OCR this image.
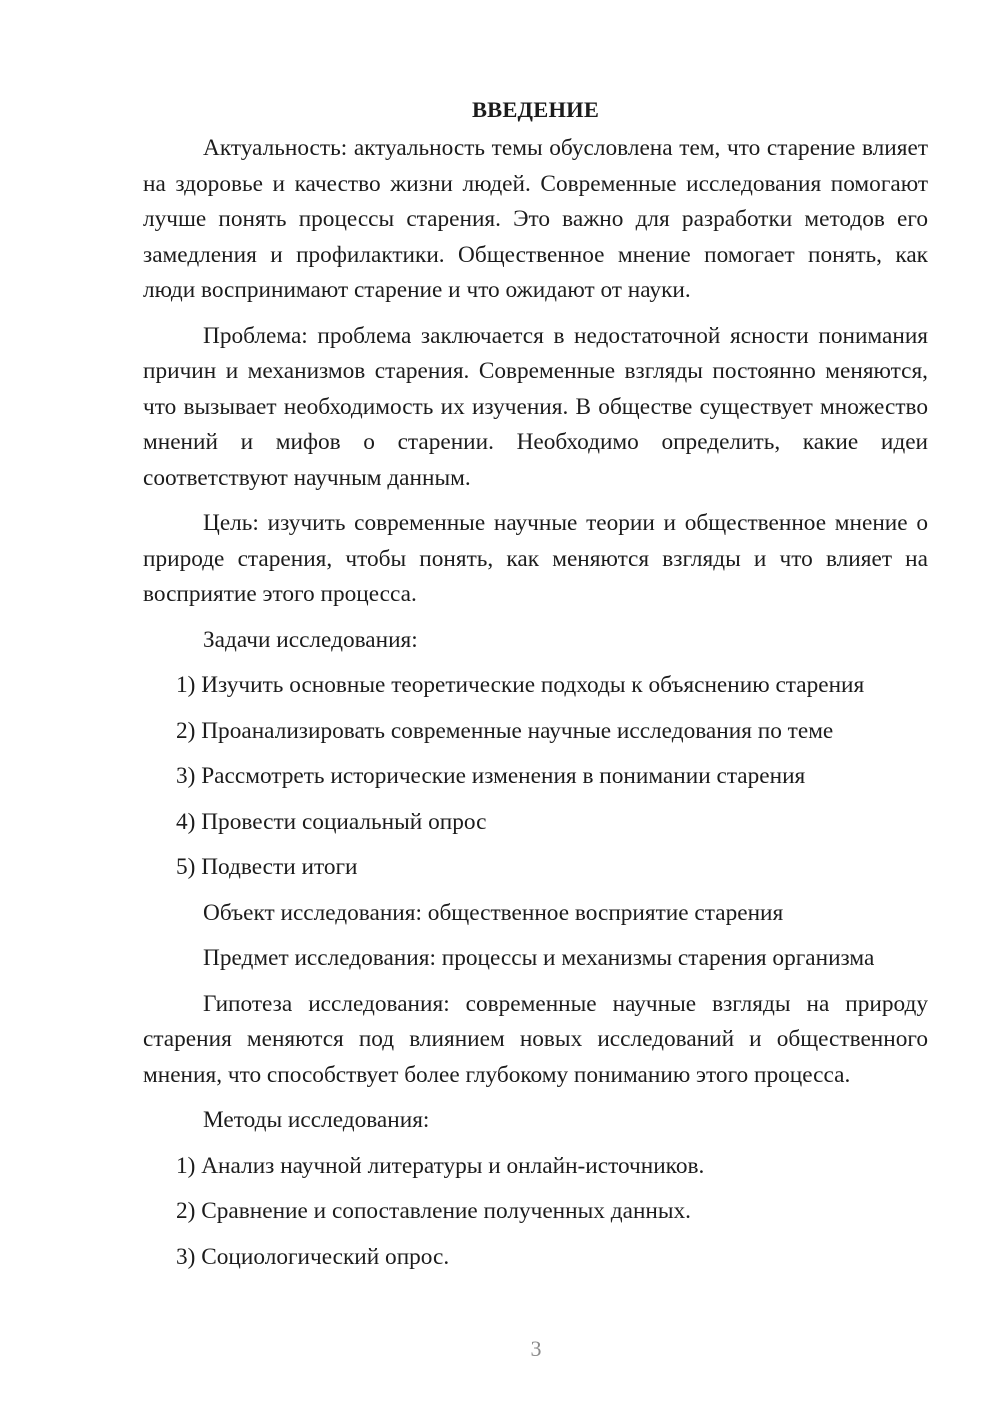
ВВЕДЕНИЕ

Актуальность: актуальность темы обусловлена тем, что старение влияет на здоровье и качество жизни людей. Современные исследования помогают лучше понять процессы старения. Это важно для разработки методов его замедления и профилактики. Общественное мнение помогает понять, как люди воспринимают старение и что ожидают от науки.

Проблема: проблема заключается в недостаточной ясности понимания причин и механизмов старения. Современные взгляды постоянно меняются, что вызывает необходимость их изучения. В обществе существует множество мнений и мифов о старении. Необходимо определить, какие идеи соответствуют научным данным.

Цель: изучить современные научные теории и общественное мнение о природе старения, чтобы понять, как меняются взгляды и что влияет на восприятие этого процесса.

Задачи исследования:

1) Изучить основные теоретические подходы к объяснению старения
2) Проанализировать современные научные исследования по теме
3) Рассмотреть исторические изменения в понимании старения
4) Провести социальный опрос
5) Подвести итоги

Объект исследования: общественное восприятие старения

Предмет исследования: процессы и механизмы старения организма

Гипотеза исследования: современные научные взгляды на природу старения меняются под влиянием новых исследований и общественного мнения, что способствует более глубокому пониманию этого процесса.

Методы исследования:

1) Анализ научной литературы и онлайн-источников.
2) Сравнение и сопоставление полученных данных.
3) Социологический опрос.
3
